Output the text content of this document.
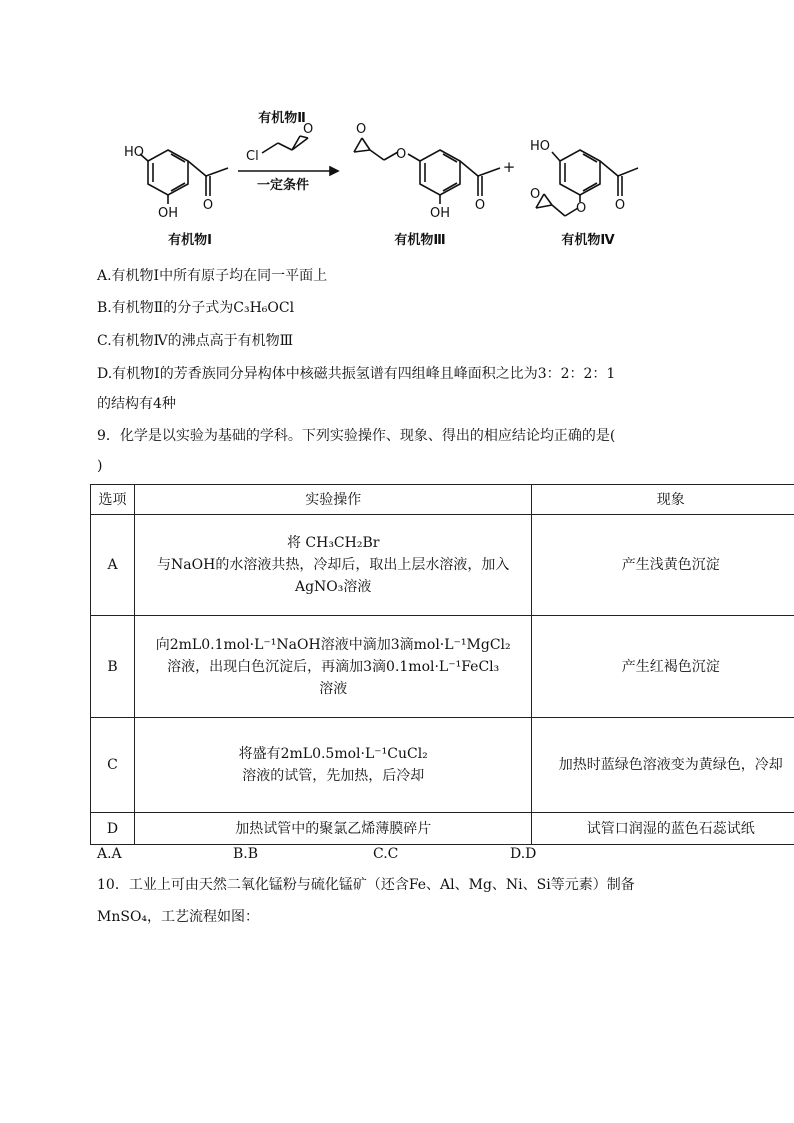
HO
OH
O
Cl
O
O
O
OH
O
HO
O
O
O
+
有机物Ⅱ
一定条件
有机物Ⅰ	有机物Ⅲ	有机物Ⅳ
A.有机物Ⅰ中所有原子均在同一平面上
B.有机物Ⅱ的分子式为C₃H₆OCl
C.有机物Ⅳ的沸点高于有机物Ⅲ
D.有机物Ⅰ的芳香族同分异构体中核磁共振氢谱有四组峰且峰面积之比为3：2：2：1
的结构有4种
9．化学是以实验为基础的学科。下列实验操作、现象、得出的相应结论均正确的是(
)
选项	实验操作	现象
A	将 CH₃CH₂Br
与NaOH的水溶液共热，冷却后，取出上层水溶液，加入
AgNO₃溶液	产生浅黄色沉淀
B	向2mL0.1mol·L⁻¹NaOH溶液中滴加3滴mol·L⁻¹MgCl₂
溶液，出现白色沉淀后，再滴加3滴0.1mol·L⁻¹FeCl₃
溶液	产生红褐色沉淀
C	将盛有2mL0.5mol·L⁻¹CuCl₂
溶液的试管，先加热，后冷却	加热时蓝绿色溶液变为黄绿色，冷却
D	加热试管中的聚氯乙烯薄膜碎片	试管口润湿的蓝色石蕊试纸
A.A	B.B	C.C	D.D
10．工业上可由天然二氧化锰粉与硫化锰矿（还含Fe、Al、Mg、Ni、Si等元素）制备
MnSO₄，工艺流程如图：
